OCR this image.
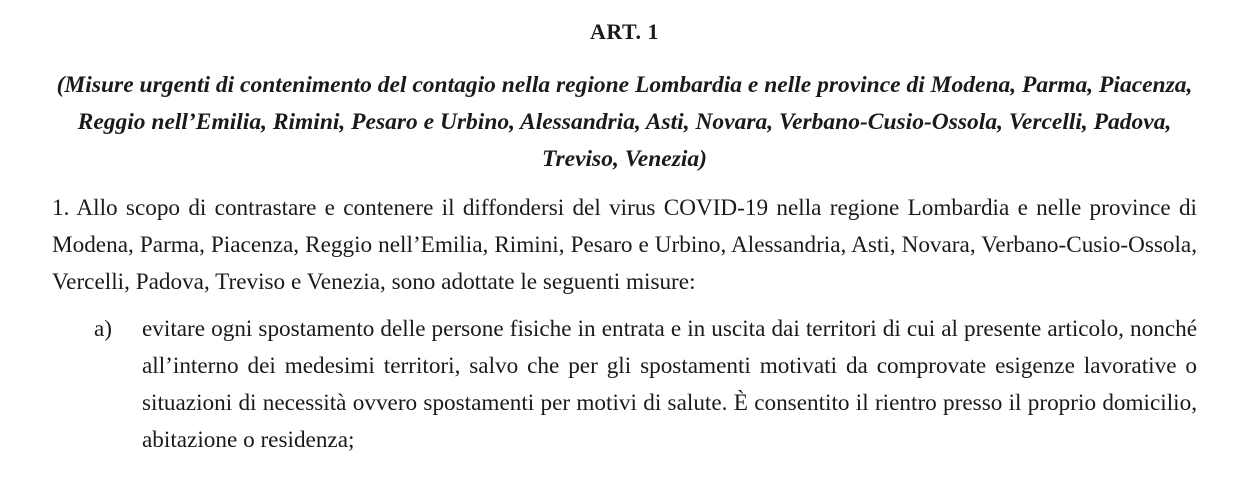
ART. 1

(Misure urgenti di contenimento del contagio nella regione Lombardia e nelle province di Modena, Parma, Piacenza, Reggio nell’Emilia, Rimini, Pesaro e Urbino, Alessandria, Asti, Novara, Verbano-Cusio-Ossola, Vercelli, Padova, Treviso, Venezia)

1. Allo scopo di contrastare e contenere il diffondersi del virus COVID-19 nella regione Lombardia e nelle province di Modena, Parma, Piacenza, Reggio nell’Emilia, Rimini, Pesaro e Urbino, Alessandria, Asti, Novara, Verbano-Cusio-Ossola, Vercelli, Padova, Treviso e Venezia, sono adottate le seguenti misure:

a)	evitare ogni spostamento delle persone fisiche in entrata e in uscita dai territori di cui al presente articolo, nonché all’interno dei medesimi territori, salvo che per gli spostamenti motivati da comprovate esigenze lavorative o situazioni di necessità ovvero spostamenti per motivi di salute. È consentito il rientro presso il proprio domicilio, abitazione o residenza;
